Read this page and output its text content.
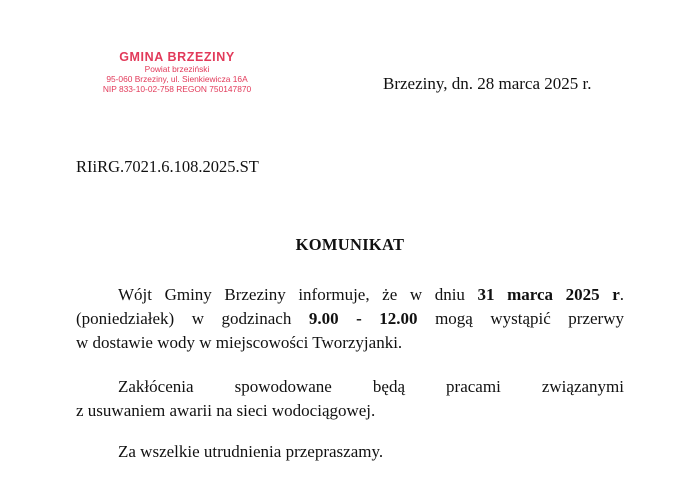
GMINA BRZEZINY
Powiat brzeziński
95-060 Brzeziny, ul. Sienkiewicza 16A
NIP 833-10-02-758 REGON 750147870	Brzeziny, dn. 28 marca 2025 r.
RIiRG.7021.6.108.2025.ST
KOMUNIKAT
Wójt Gminy Brzeziny informuje, że w dniu 31 marca 2025 r.
(poniedziałek) w godzinach 9.00 - 12.00 mogą wystąpić przerwy
w dostawie wody w miejscowości Tworzyjanki.
Zakłócenia spowodowane będą pracami związanymi
z usuwaniem awarii na sieci wodociągowej.
Za wszelkie utrudnienia przepraszamy.
